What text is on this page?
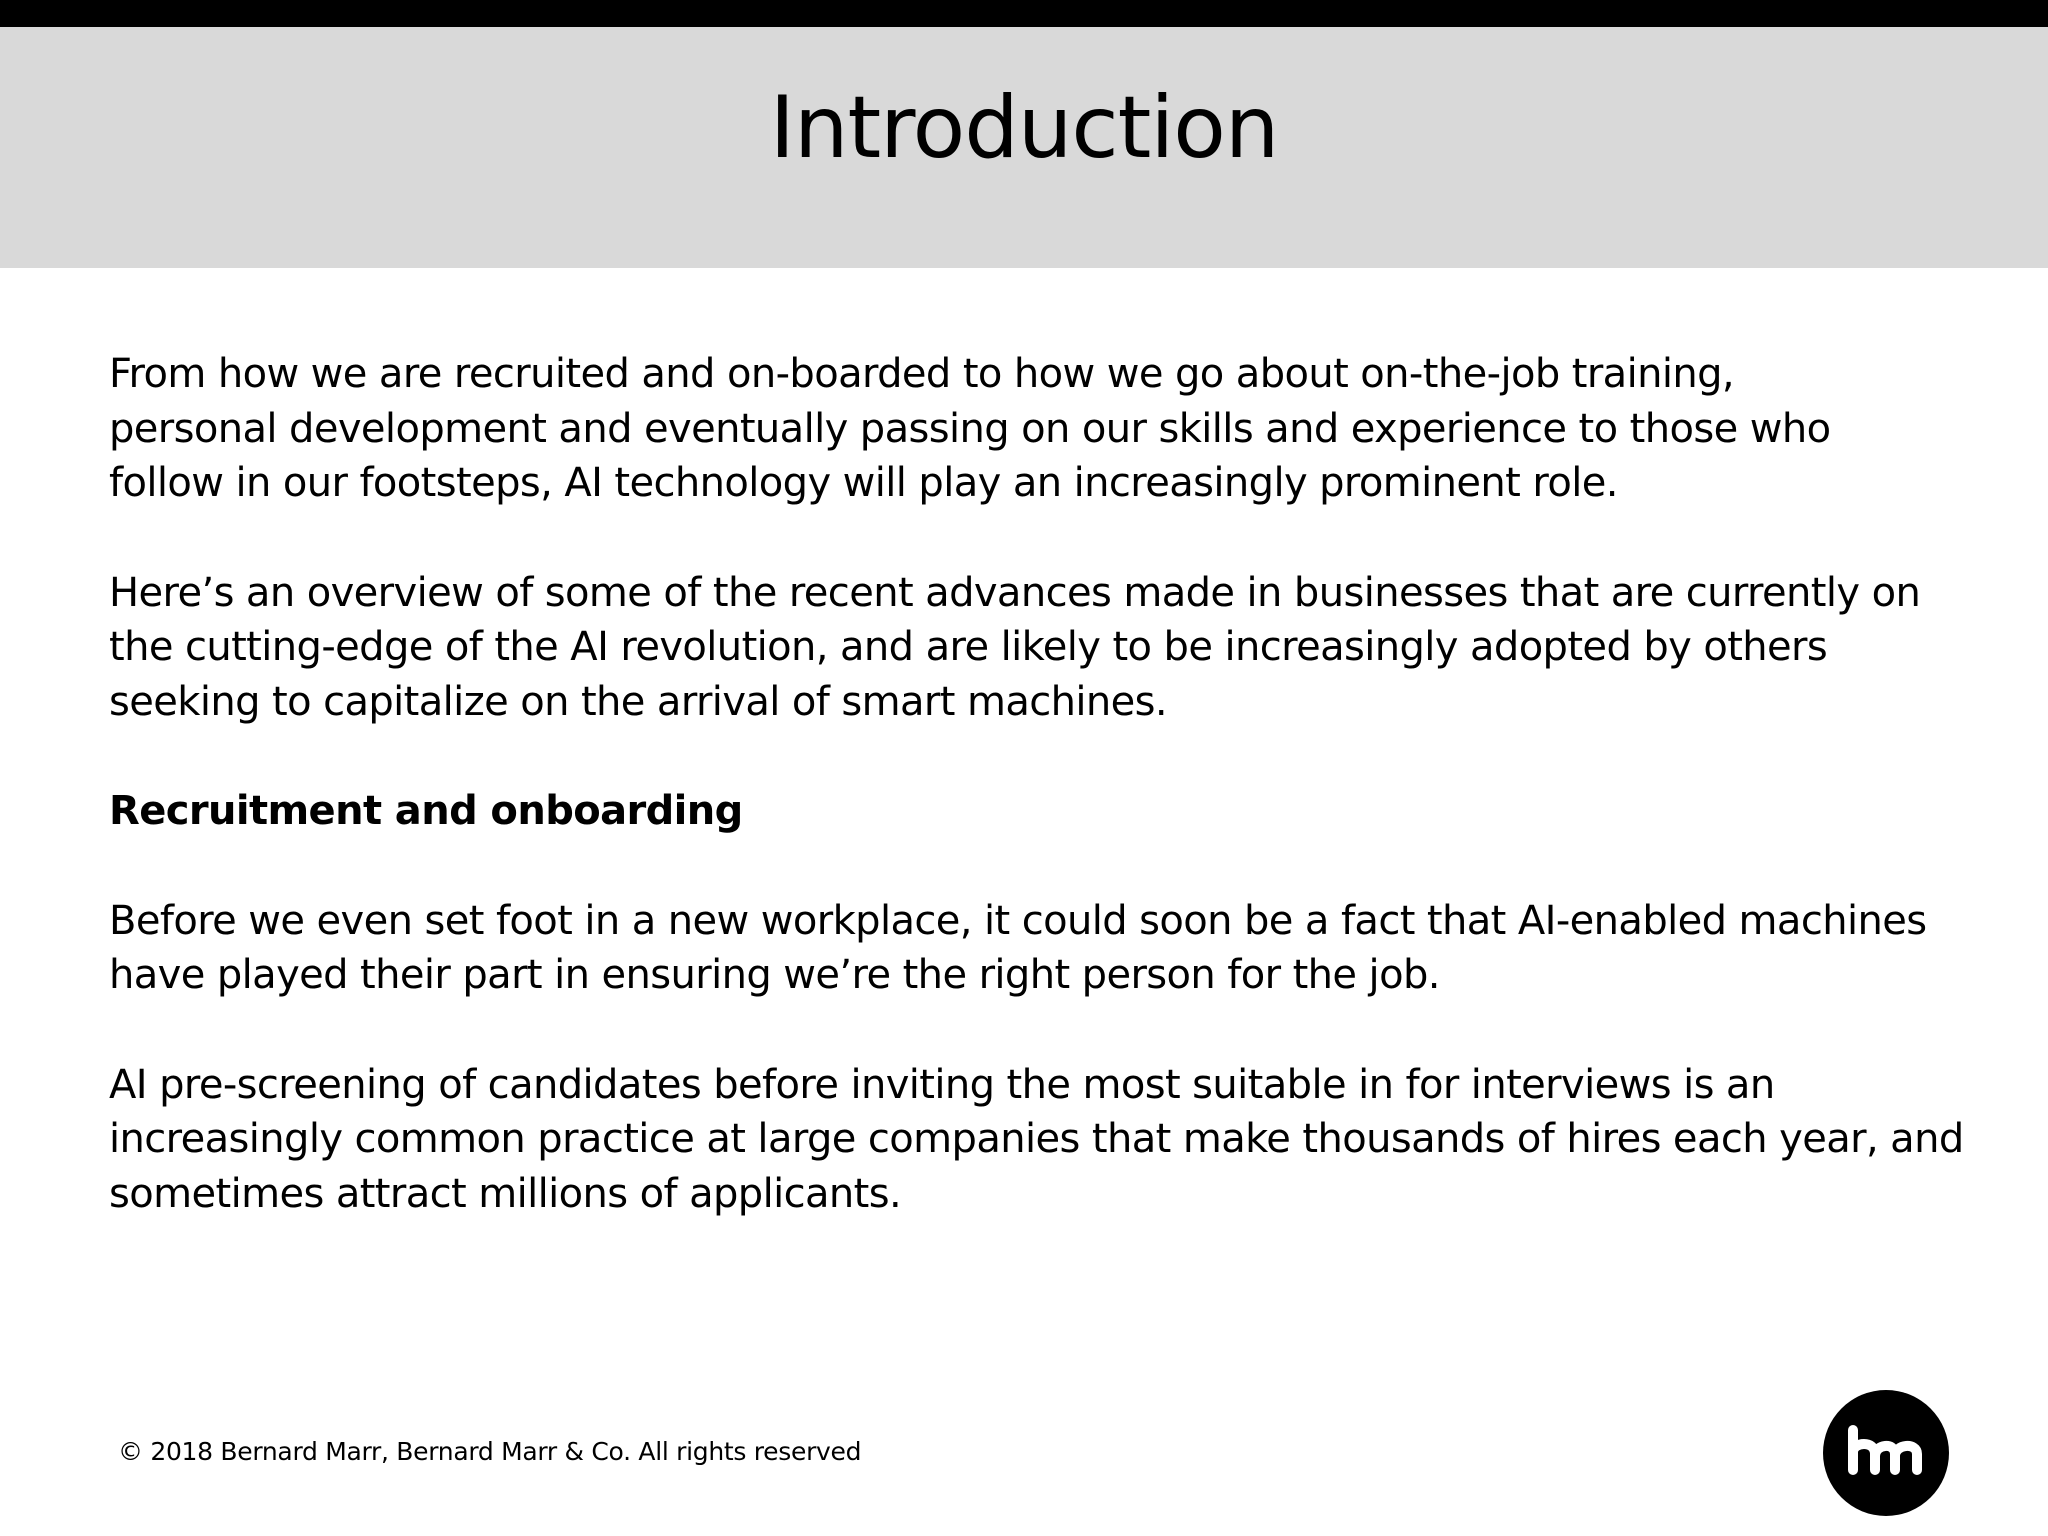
Introduction

From how we are recruited and on-boarded to how we go about on-the-job training,
personal development and eventually passing on our skills and experience to those who
follow in our footsteps, AI technology will play an increasingly prominent role.

Here’s an overview of some of the recent advances made in businesses that are currently on
the cutting-edge of the AI revolution, and are likely to be increasingly adopted by others
seeking to capitalize on the arrival of smart machines.

Recruitment and onboarding

Before we even set foot in a new workplace, it could soon be a fact that AI-enabled machines
have played their part in ensuring we’re the right person for the job.

AI pre-screening of candidates before inviting the most suitable in for interviews is an
increasingly common practice at large companies that make thousands of hires each year, and
sometimes attract millions of applicants.

© 2018 Bernard Marr, Bernard Marr & Co. All rights reserved
